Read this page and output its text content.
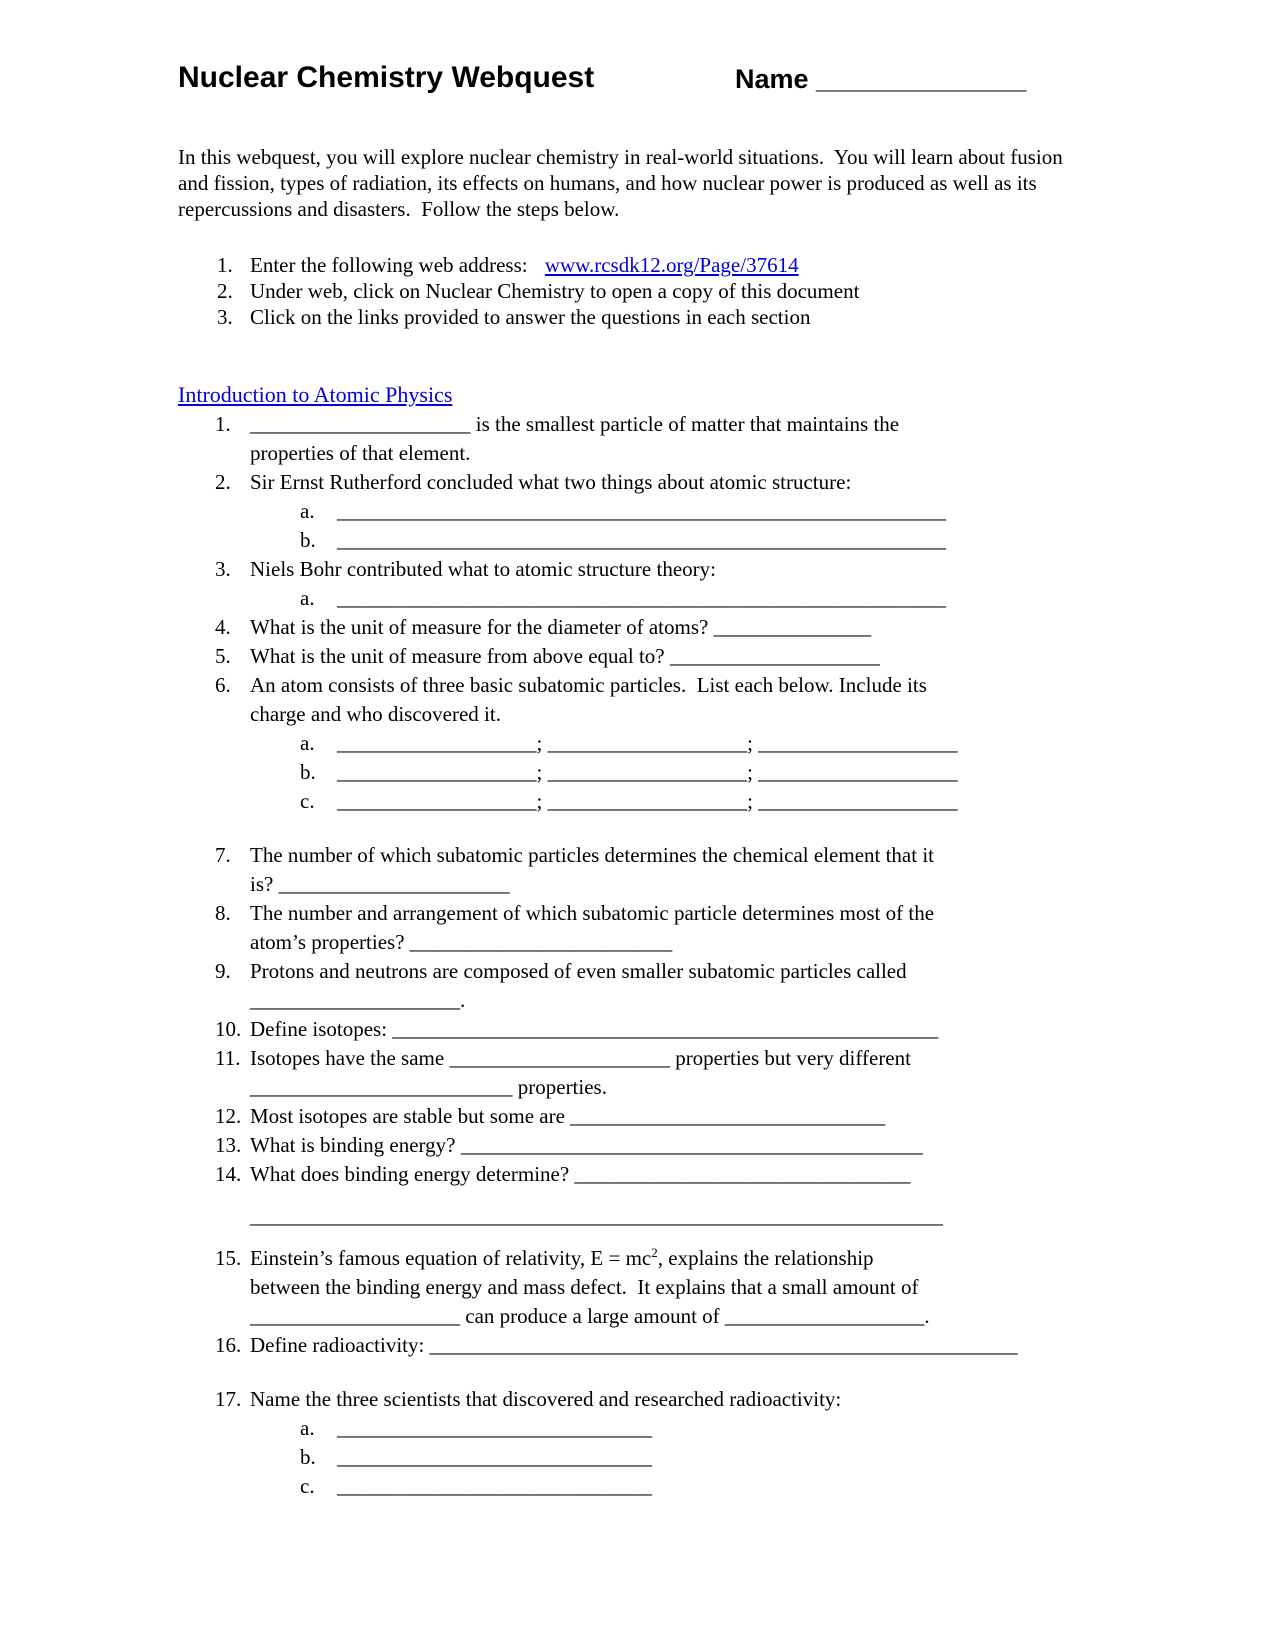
Nuclear Chemistry Webquest	Name ______________
In this webquest, you will explore nuclear chemistry in real-world situations.  You will learn about fusion
and fission, types of radiation, its effects on humans, and how nuclear power is produced as well as its
repercussions and disasters.  Follow the steps below.
1. Enter the following web address: www.rcsdk12.org/Page/37614
2. Under web, click on Nuclear Chemistry to open a copy of this document
3. Click on the links provided to answer the questions in each section
Introduction to Atomic Physics
1. _____________________ is the smallest particle of matter that maintains the
properties of that element.
2. Sir Ernst Rutherford concluded what two things about atomic structure:
a.	__________________________________________________________
b.	__________________________________________________________
3. Niels Bohr contributed what to atomic structure theory:
a.	__________________________________________________________
4. What is the unit of measure for the diameter of atoms? _______________
5. What is the unit of measure from above equal to? ____________________
6. An atom consists of three basic subatomic particles.  List each below. Include its
charge and who discovered it.
a.	___________________; ___________________; ___________________
b.	___________________; ___________________; ___________________
c.	___________________; ___________________; ___________________
7. The number of which subatomic particles determines the chemical element that it
is? ______________________
8. The number and arrangement of which subatomic particle determines most of the
atom’s properties? _________________________
9. Protons and neutrons are composed of even smaller subatomic particles called
____________________.
10. Define isotopes: ____________________________________________________
11. Isotopes have the same _____________________ properties but very different
_________________________ properties.
12. Most isotopes are stable but some are ______________________________
13. What is binding energy? ____________________________________________
14. What does binding energy determine? ________________________________
__________________________________________________________________
15. Einstein’s famous equation of relativity, $E = mc^2$, explains the relationship
between the binding energy and mass defect.  It explains that a small amount of
____________________ can produce a large amount of ___________________.
16. Define radioactivity: ________________________________________________________
17. Name the three scientists that discovered and researched radioactivity:
a.	______________________________
b.	______________________________
c.	______________________________
